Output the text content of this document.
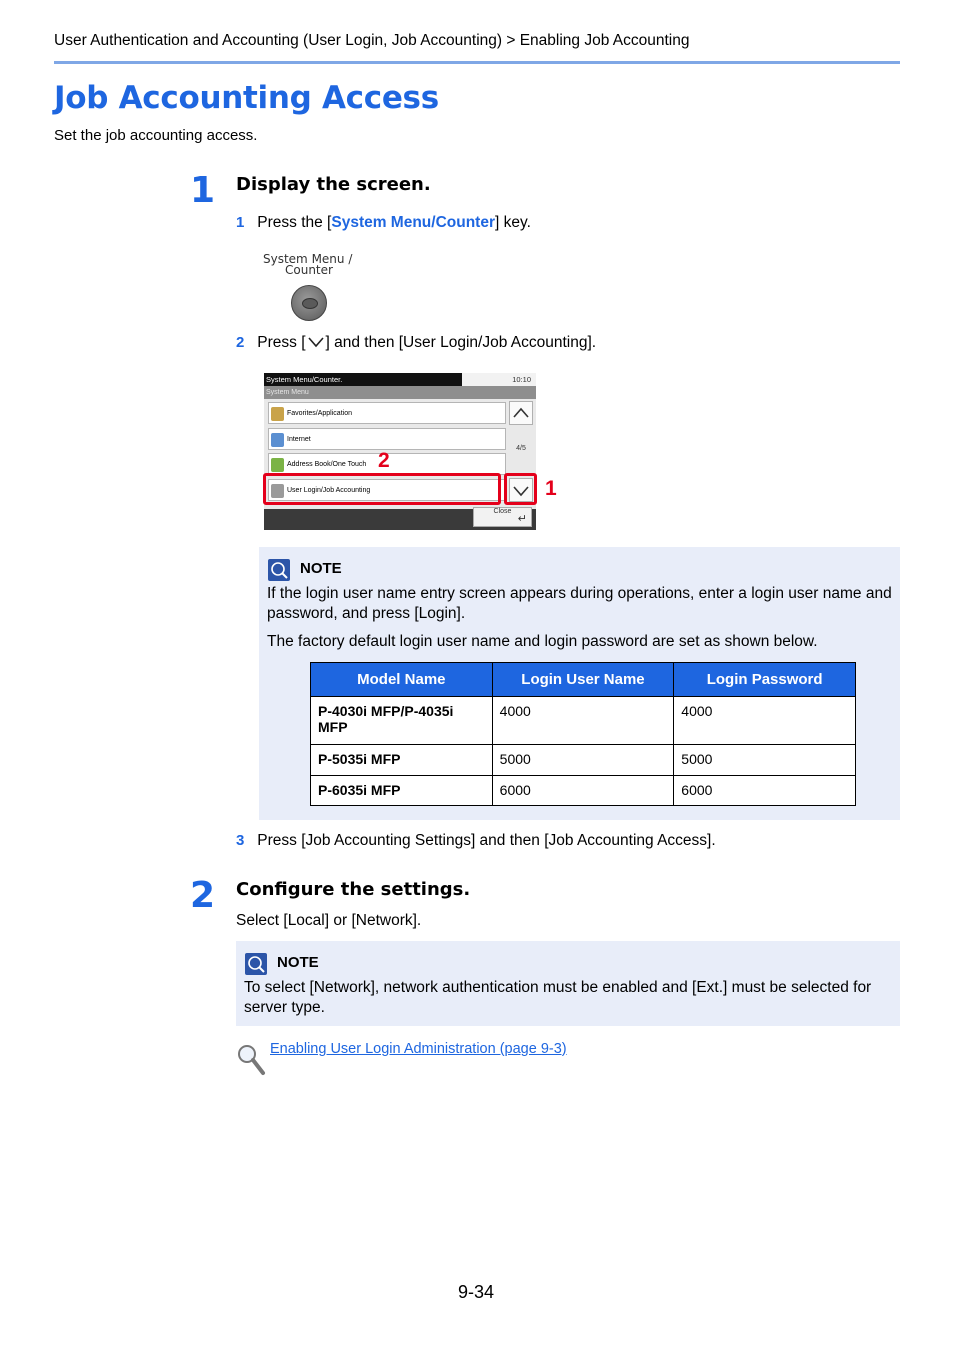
User Authentication and Accounting (User Login, Job Accounting) > Enabling Job Accounting
Job Accounting Access
Set the job accounting access.
1 Display the screen.
1 Press the [System Menu/Counter] key.
System Menu /
Counter
2 Press [ ] and then [User Login/Job Accounting].
System Menu/Counter.	10:10
System Menu
Favorites/Application
Internet
Address Book/One Touch
User Login/Job Accounting
4/5
Close
↵
2
1
NOTE
If the login user name entry screen appears during operations, enter a login user name and password, and press [Login].
The factory default login user name and login password are set as shown below.
Model Name	Login User Name	Login Password
P-4030i MFP/P-4035i MFP	4000	4000
P-5035i MFP	5000	5000
P-6035i MFP	6000	6000
3 Press [Job Accounting Settings] and then [Job Accounting Access].
2 Configure the settings.
Select [Local] or [Network].
NOTE
To select [Network], network authentication must be enabled and [Ext.] must be selected for server type.
Enabling User Login Administration (page 9-3)
9-34
